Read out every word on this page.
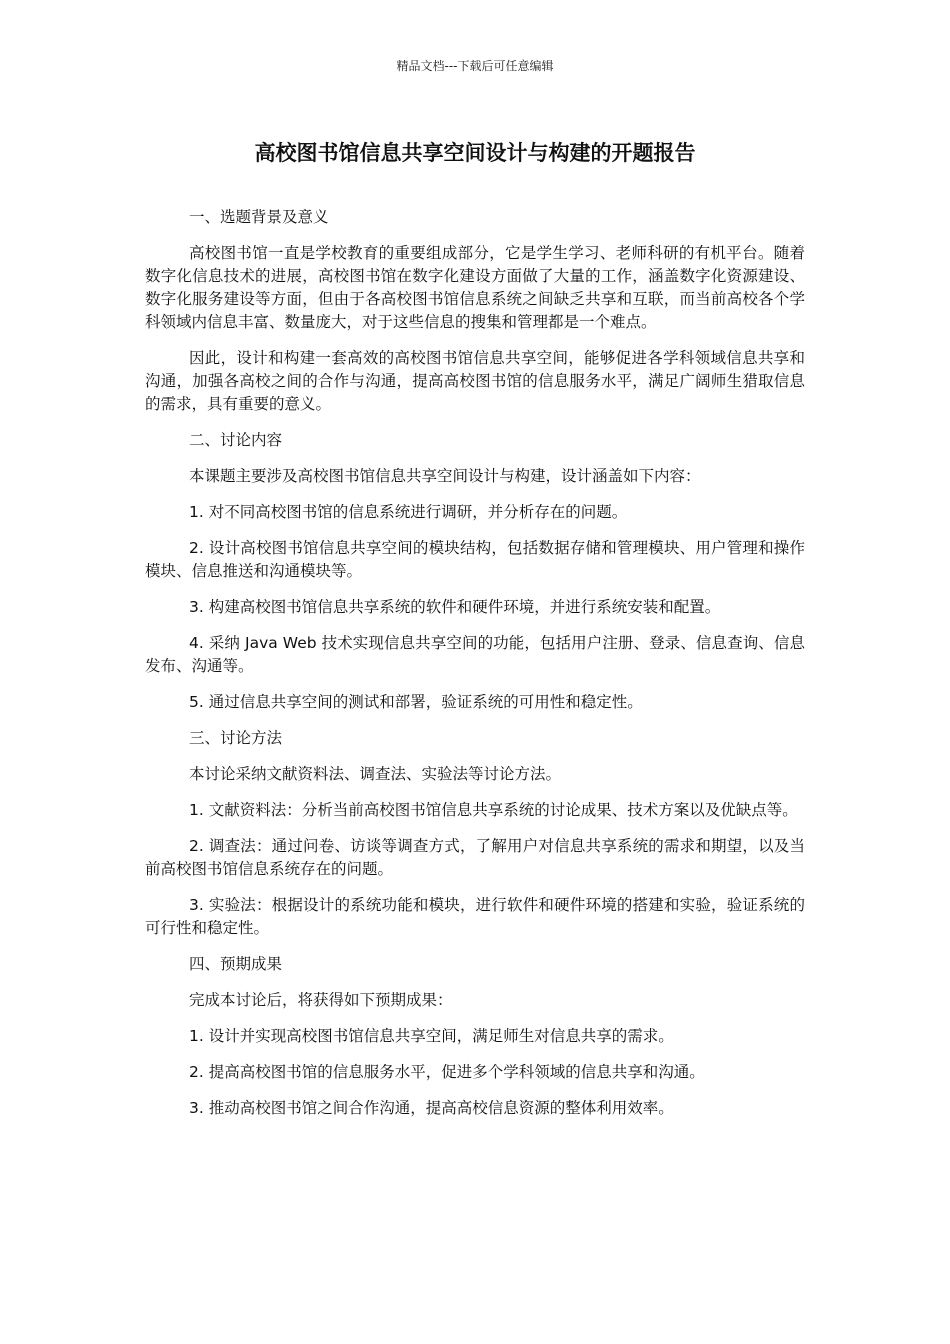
精品文档---下载后可任意编辑
高校图书馆信息共享空间设计与构建的开题报告

一、选题背景及意义

高校图书馆一直是学校教育的重要组成部分，它是学生学习、老师科研的有机平台。随着数字化信息技术的进展，高校图书馆在数字化建设方面做了大量的工作，涵盖数字化资源建设、数字化服务建设等方面，但由于各高校图书馆信息系统之间缺乏共享和互联，而当前高校各个学科领域内信息丰富、数量庞大，对于这些信息的搜集和管理都是一个难点。

因此，设计和构建一套高效的高校图书馆信息共享空间，能够促进各学科领域信息共享和沟通，加强各高校之间的合作与沟通，提高高校图书馆的信息服务水平，满足广阔师生猎取信息的需求，具有重要的意义。

二、讨论内容

本课题主要涉及高校图书馆信息共享空间设计与构建，设计涵盖如下内容：

1. 对不同高校图书馆的信息系统进行调研，并分析存在的问题。

2. 设计高校图书馆信息共享空间的模块结构，包括数据存储和管理模块、用户管理和操作模块、信息推送和沟通模块等。

3. 构建高校图书馆信息共享系统的软件和硬件环境，并进行系统安装和配置。

4. 采纳 Java Web 技术实现信息共享空间的功能，包括用户注册、登录、信息查询、信息发布、沟通等。

5. 通过信息共享空间的测试和部署，验证系统的可用性和稳定性。

三、讨论方法

本讨论采纳文献资料法、调查法、实验法等讨论方法。

1. 文献资料法：分析当前高校图书馆信息共享系统的讨论成果、技术方案以及优缺点等。

2. 调查法：通过问卷、访谈等调查方式，了解用户对信息共享系统的需求和期望，以及当前高校图书馆信息系统存在的问题。

3. 实验法：根据设计的系统功能和模块，进行软件和硬件环境的搭建和实验，验证系统的可行性和稳定性。

四、预期成果

完成本讨论后，将获得如下预期成果：

1. 设计并实现高校图书馆信息共享空间，满足师生对信息共享的需求。

2. 提高高校图书馆的信息服务水平，促进多个学科领域的信息共享和沟通。

3. 推动高校图书馆之间合作沟通，提高高校信息资源的整体利用效率。
